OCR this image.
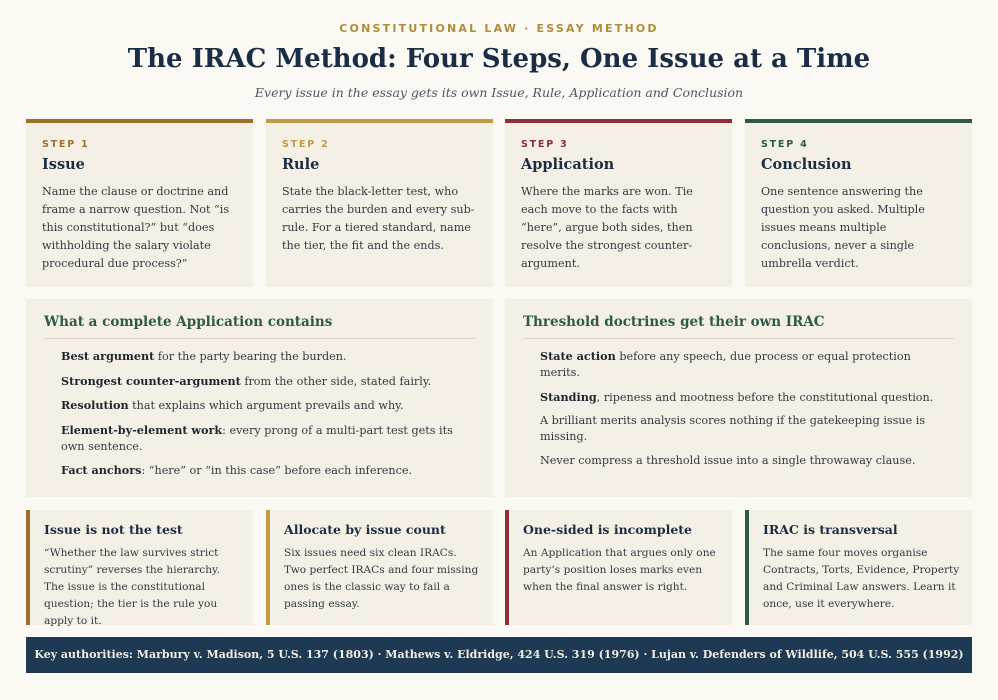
CONSTITUTIONAL LAW · ESSAY METHOD
The IRAC Method: Four Steps, One Issue at a Time
Every issue in the essay gets its own Issue, Rule, Application and Conclusion
STEP 1
Issue
Name the clause or doctrine and frame a narrow question. Not “is this constitutional?” but “does withholding the salary violate procedural due process?”
STEP 2
Rule
State the black-letter test, who carries the burden and every sub-rule. For a tiered standard, name the tier, the fit and the ends.
STEP 3
Application
Where the marks are won. Tie each move to the facts with “here”, argue both sides, then resolve the strongest counter-argument.
STEP 4
Conclusion
One sentence answering the question you asked. Multiple issues means multiple conclusions, never a single umbrella verdict.
What a complete Application contains
Best argument for the party bearing the burden.
Strongest counter-argument from the other side, stated fairly.
Resolution that explains which argument prevails and why.
Element-by-element work: every prong of a multi-part test gets its own sentence.
Fact anchors: “here” or “in this case” before each inference.
Threshold doctrines get their own IRAC
State action before any speech, due process or equal protection merits.
Standing, ripeness and mootness before the constitutional question.
A brilliant merits analysis scores nothing if the gatekeeping issue is missing.
Never compress a threshold issue into a single throwaway clause.
Issue is not the test
“Whether the law survives strict scrutiny” reverses the hierarchy. The issue is the constitutional question; the tier is the rule you apply to it.
Allocate by issue count
Six issues need six clean IRACs. Two perfect IRACs and four missing ones is the classic way to fail a passing essay.
One-sided is incomplete
An Application that argues only one party’s position loses marks even when the final answer is right.
IRAC is transversal
The same four moves organise Contracts, Torts, Evidence, Property and Criminal Law answers. Learn it once, use it everywhere.
Key authorities: Marbury v. Madison, 5 U.S. 137 (1803) · Mathews v. Eldridge, 424 U.S. 319 (1976) · Lujan v. Defenders of Wildlife, 504 U.S. 555 (1992)
